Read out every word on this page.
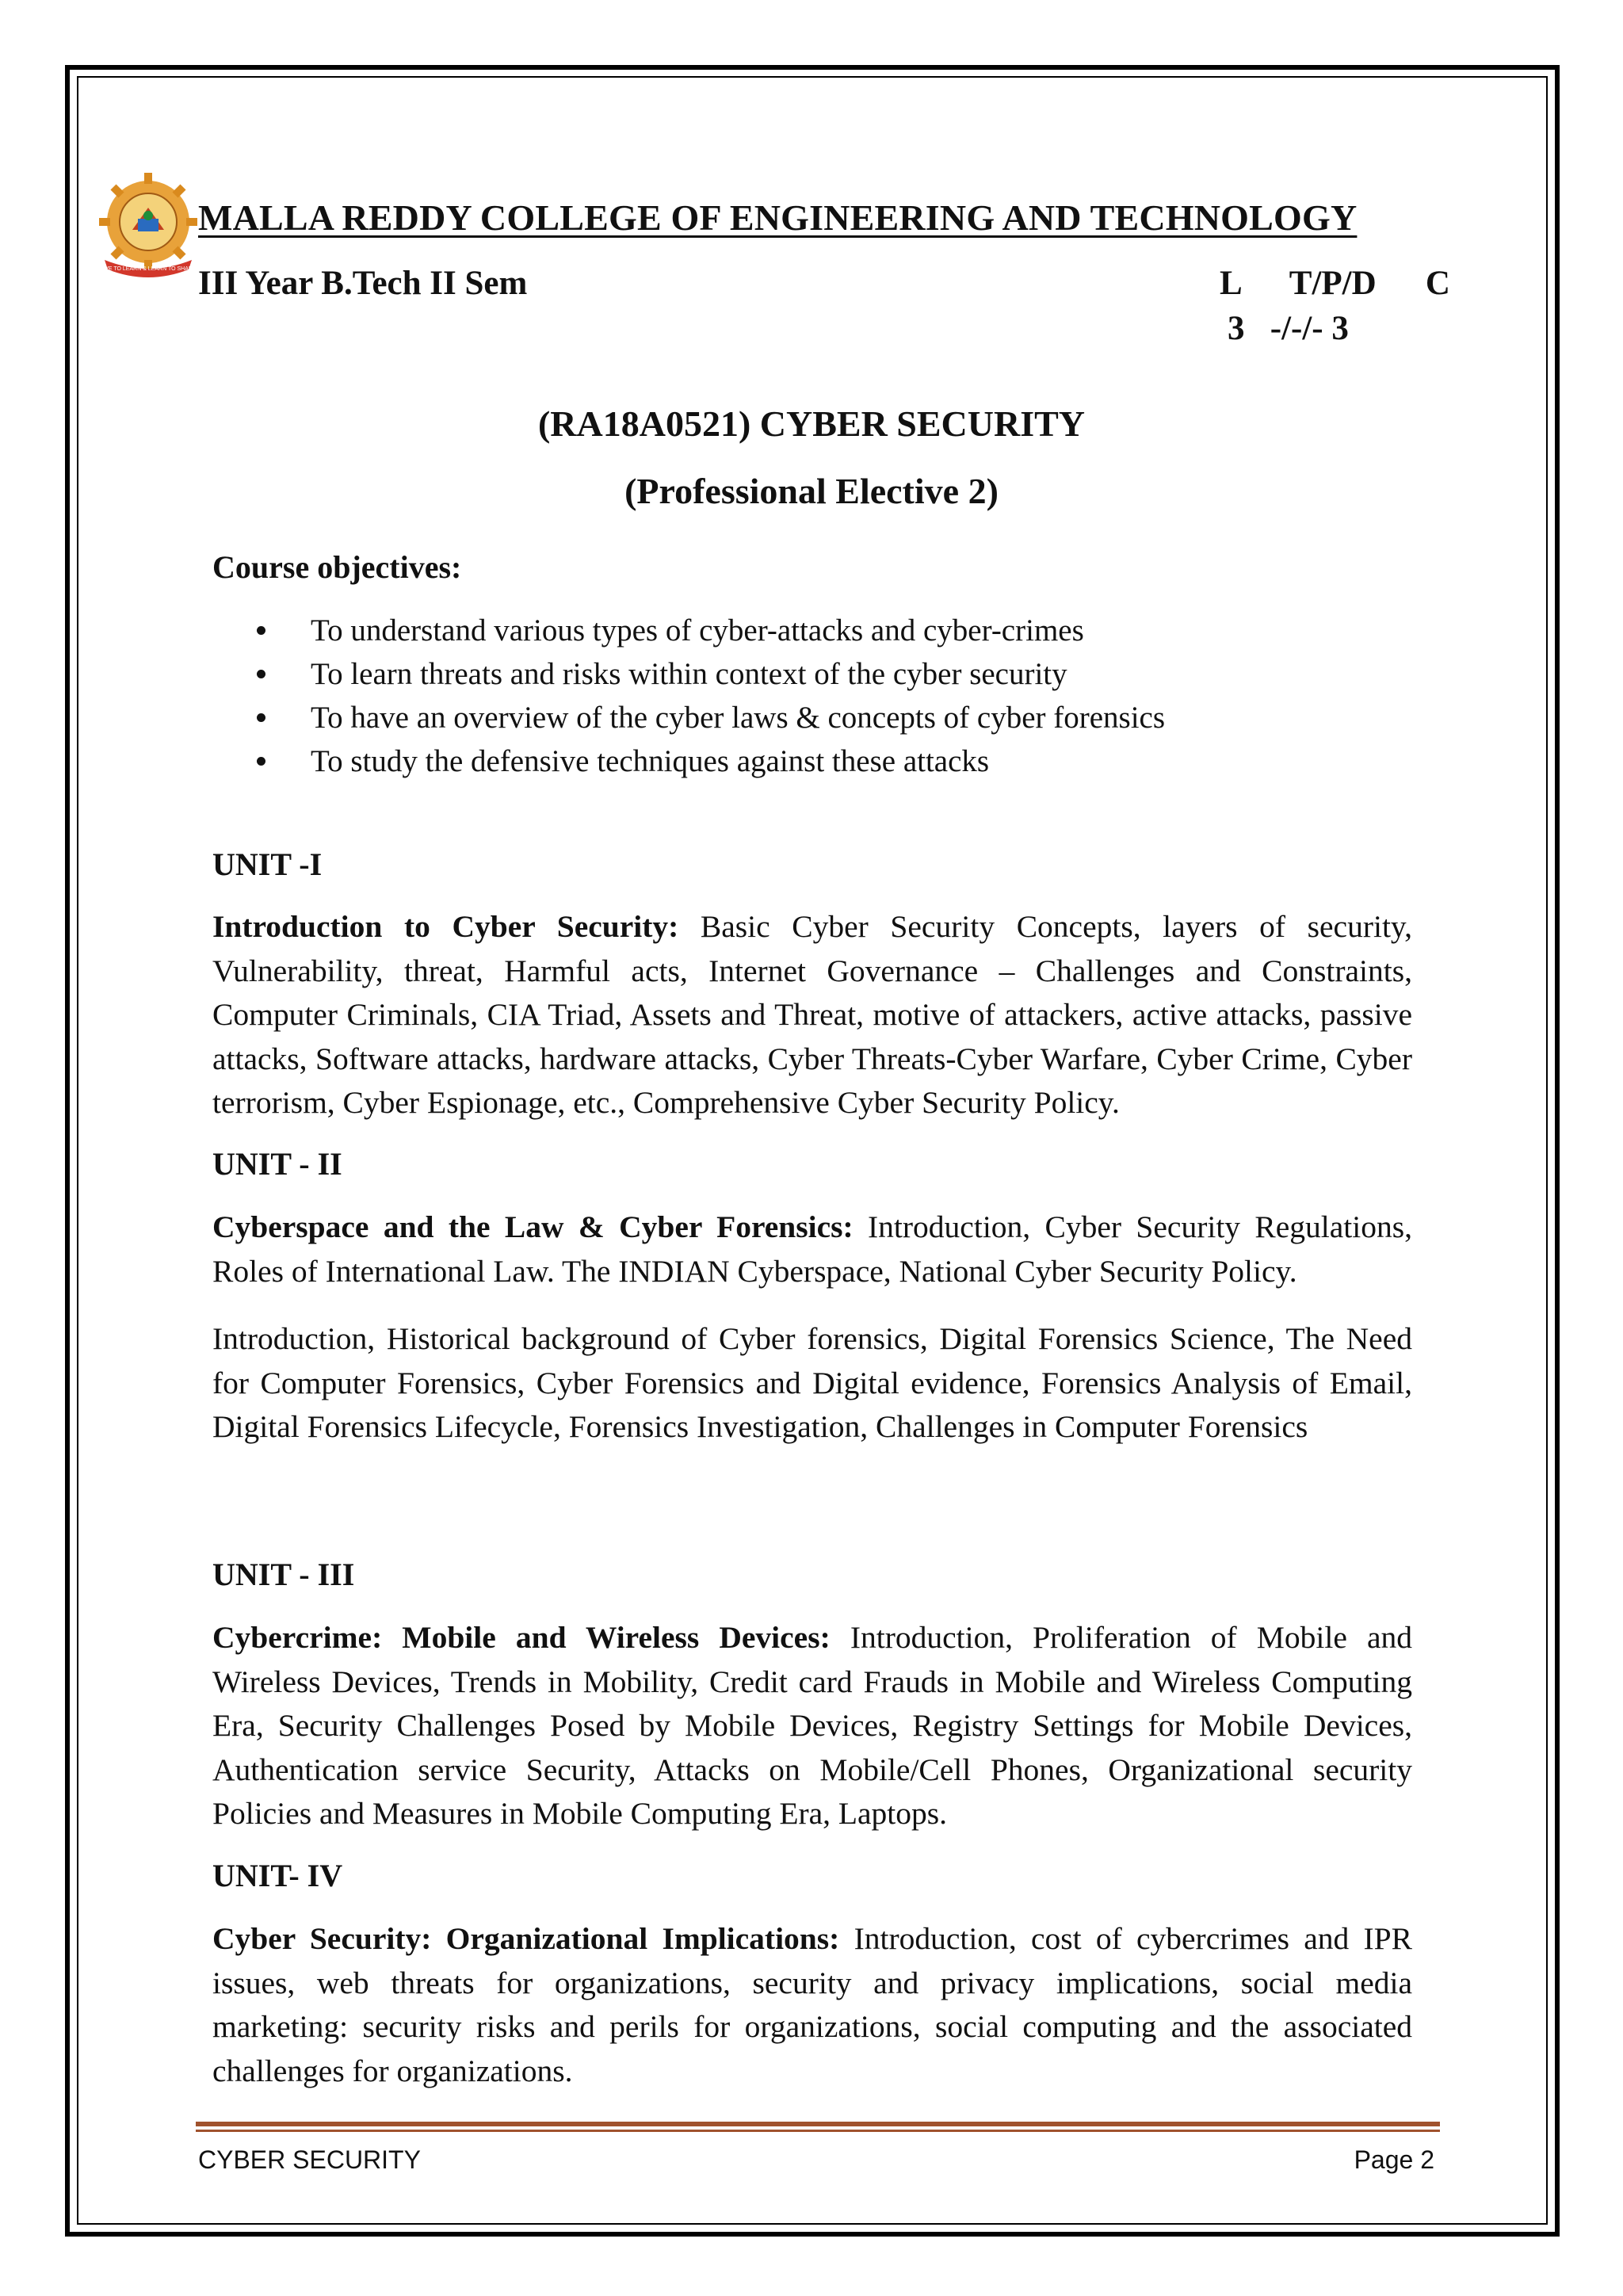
LIVE TO LEARN & LEARN TO SHARE
MALLA REDDY COLLEGE OF ENGINEERING AND TECHNOLOGY
III Year B.Tech II Sem	L   T/P/D   C
3   -/-/- 3
(RA18A0521) CYBER SECURITY
(Professional Elective 2)
Course objectives:
To understand various types of cyber-attacks and cyber-crimes
To learn threats and risks within context of the cyber security
To have an overview of the cyber laws & concepts of cyber forensics
To study the defensive techniques against these attacks
UNIT -I

Introduction to Cyber Security: Basic Cyber Security Concepts, layers of security, Vulnerability, threat, Harmful acts, Internet Governance – Challenges and Constraints, Computer Criminals, CIA Triad, Assets and Threat, motive of attackers, active attacks, passive attacks, Software attacks, hardware attacks, Cyber Threats-Cyber Warfare, Cyber Crime, Cyber terrorism, Cyber Espionage, etc., Comprehensive Cyber Security Policy.

UNIT - II

Cyberspace and the Law & Cyber Forensics: Introduction, Cyber Security Regulations, Roles of International Law. The INDIAN Cyberspace, National Cyber Security Policy.

Introduction, Historical background of Cyber forensics, Digital Forensics Science, The Need for Computer Forensics, Cyber Forensics and Digital evidence, Forensics Analysis of Email, Digital Forensics Lifecycle, Forensics Investigation, Challenges in Computer Forensics

UNIT - III

Cybercrime: Mobile and Wireless Devices: Introduction, Proliferation of Mobile and Wireless Devices, Trends in Mobility, Credit card Frauds in Mobile and Wireless Computing Era, Security Challenges Posed by Mobile Devices, Registry Settings for Mobile Devices, Authentication service Security, Attacks on Mobile/Cell Phones, Organizational security Policies and Measures in Mobile Computing Era, Laptops.

UNIT- IV

Cyber Security: Organizational Implications: Introduction, cost of cybercrimes and IPR issues, web threats for organizations, security and privacy implications, social media marketing: security risks and perils for organizations, social computing and the associated challenges for organizations.

CYBER SECURITY	Page 2
